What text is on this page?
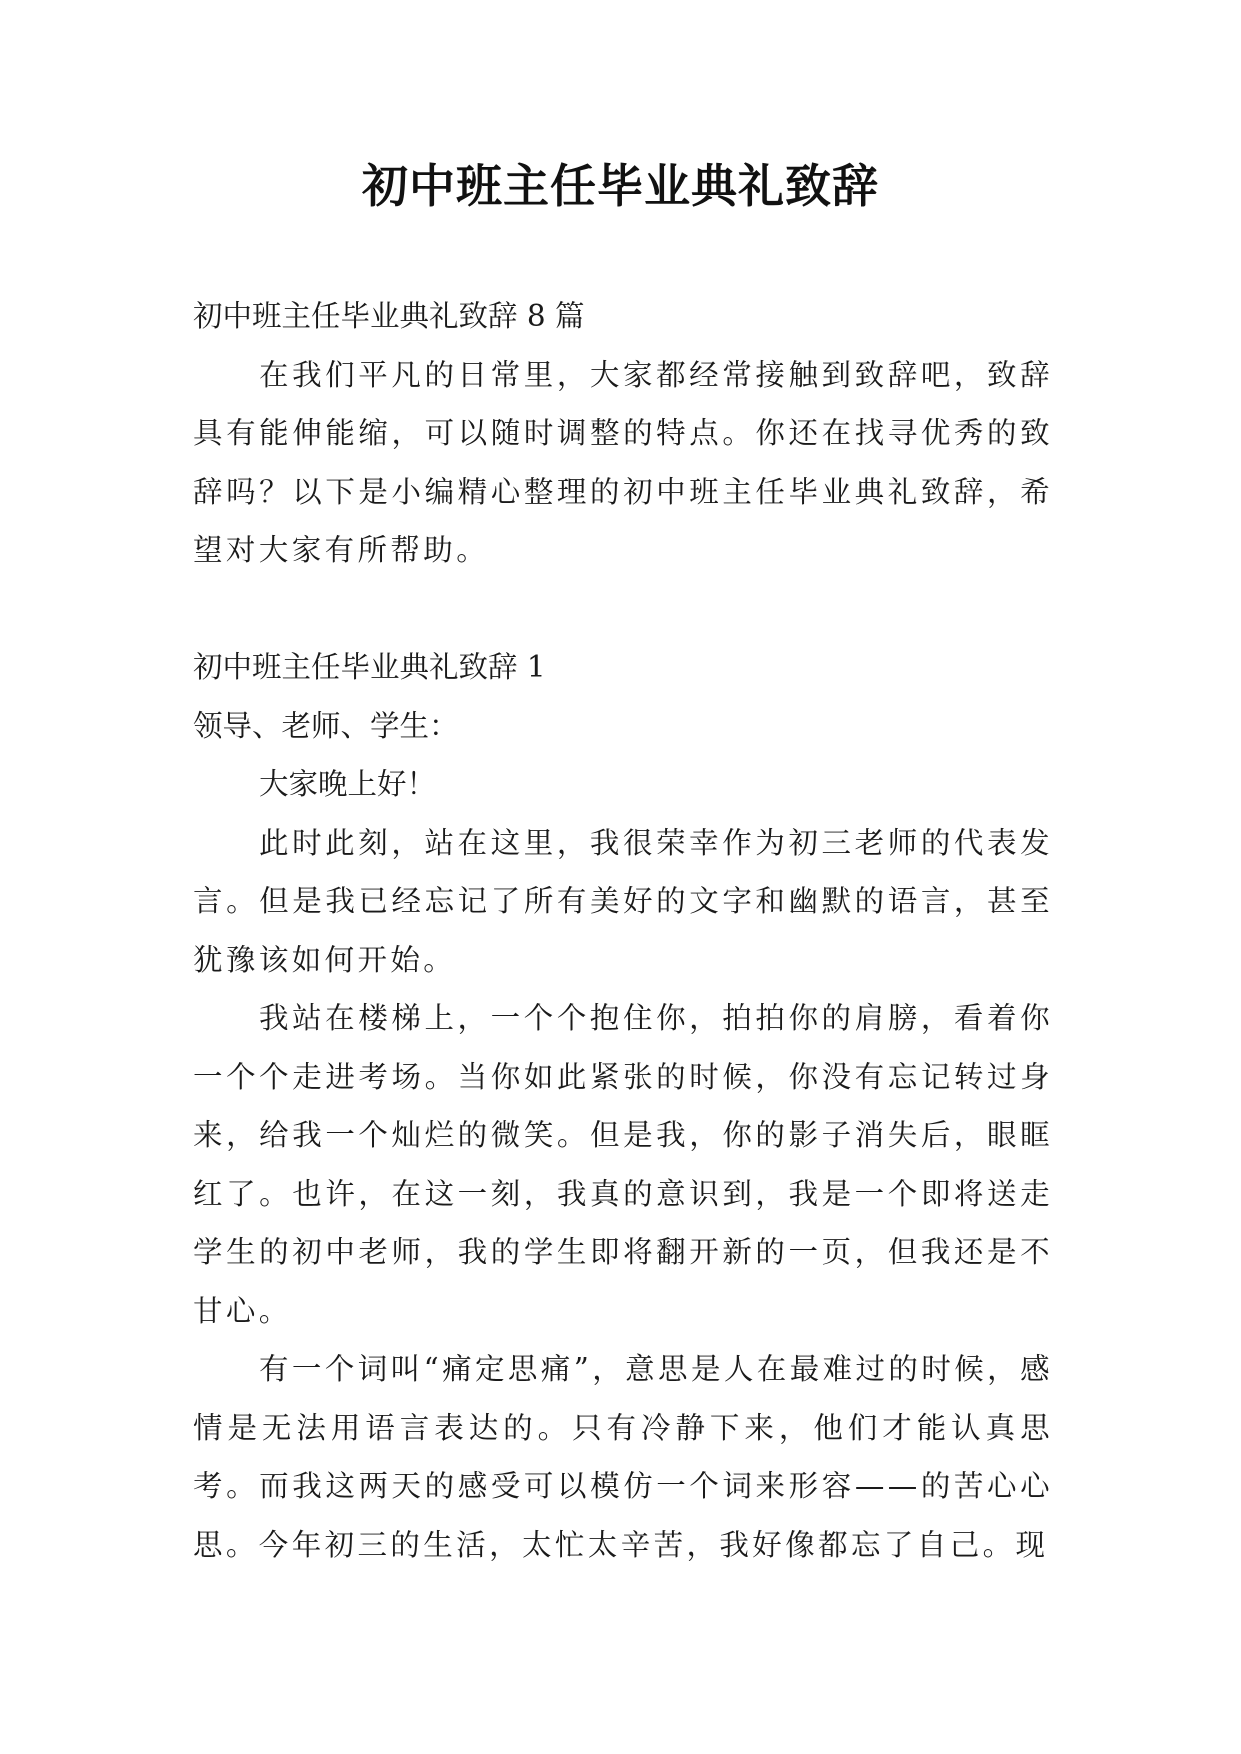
初中班主任毕业典礼致辞

初中班主任毕业典礼致辞 8 篇

在我们平凡的日常里，大家都经常接触到致辞吧，致辞具有能伸能缩，可以随时调整的特点。你还在找寻优秀的致辞吗？以下是小编精心整理的初中班主任毕业典礼致辞，希望对大家有所帮助。

初中班主任毕业典礼致辞 1

领导、老师、学生：

大家晚上好！

此时此刻，站在这里，我很荣幸作为初三老师的代表发言。但是我已经忘记了所有美好的文字和幽默的语言，甚至犹豫该如何开始。

我站在楼梯上，一个个抱住你，拍拍你的肩膀，看着你一个个走进考场。当你如此紧张的时候，你没有忘记转过身来，给我一个灿烂的微笑。但是我，你的影子消失后，眼眶红了。也许，在这一刻，我真的意识到，我是一个即将送走学生的初中老师，我的学生即将翻开新的一页，但我还是不甘心。

有一个词叫“痛定思痛”，意思是人在最难过的时候，感情是无法用语言表达的。只有冷静下来，他们才能认真思考。而我这两天的感受可以模仿一个词来形容——的苦心心思。今年初三的生活，太忙太辛苦，我好像都忘了自己。现
